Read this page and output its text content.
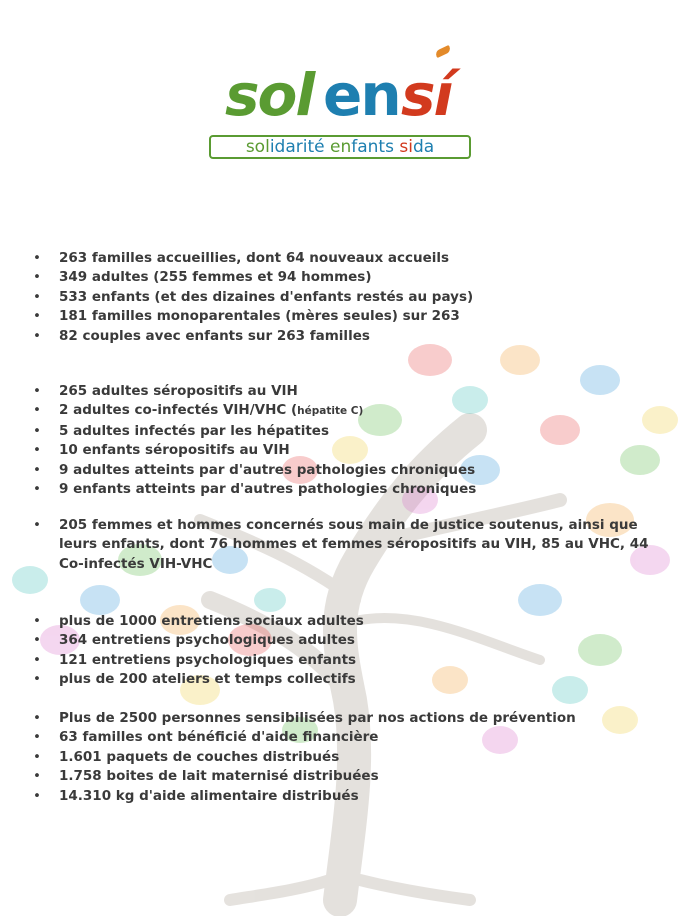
sol en sí
solidarité enfants sida
• 263 familles accueillies, dont 64 nouveaux accueils
• 349 adultes (255 femmes et 94 hommes)
• 533 enfants (et des dizaines d'enfants restés au pays)
• 181 familles monoparentales (mères seules) sur 263
• 82 couples avec enfants sur 263 familles
• 265 adultes séropositifs au VIH
• 2 adultes co-infectés VIH/VHC (hépatite C)
• 5 adultes infectés par les hépatites
• 10 enfants séropositifs au VIH
• 9 adultes atteints par d'autres pathologies chroniques
• 9 enfants atteints par d'autres pathologies chroniques
• 205 femmes et hommes concernés sous main de justice soutenus, ainsi que leurs enfants, dont 76 hommes et femmes séropositifs au VIH, 85 au VHC, 44 Co-infectés VIH-VHC
• plus de 1000 entretiens sociaux adultes
• 364 entretiens psychologiques adultes
• 121 entretiens psychologiques enfants
• plus de 200 ateliers et temps collectifs
• Plus de 2500 personnes sensibilisées par nos actions de prévention
• 63 familles ont bénéficié d'aide financière
• 1.601 paquets de couches distribués
• 1.758 boites de lait maternisé distribuées
• 14.310 kg d'aide alimentaire distribués
